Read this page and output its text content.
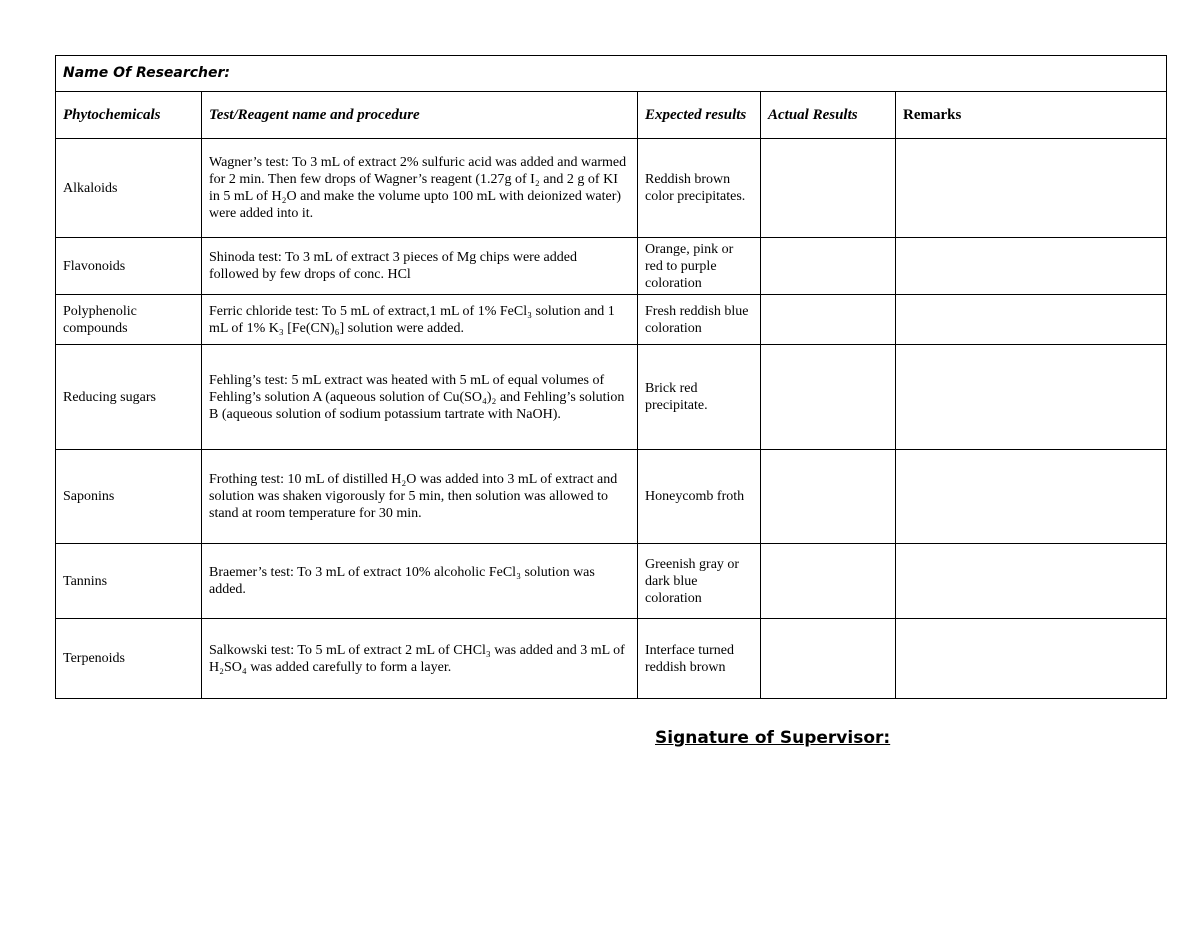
Name Of Researcher:				
Phytochemicals	Test/Reagent name and procedure	Expected results	Actual Results	Remarks
Alkaloids	Wagner’s test: To 3 mL of extract 2% sulfuric acid was added and warmed for 2 min. Then few drops of Wagner’s reagent (1.27g of I₂ and 2 g of KI in 5 mL of H₂O and make the volume upto 100 mL with deionized water) were added into it.	Reddish brown color precipitates.		
Flavonoids	Shinoda test: To 3 mL of extract 3 pieces of Mg chips were added followed by few drops of conc. HCl	Orange, pink or red to purple coloration		
Polyphenolic compounds	Ferric chloride test: To 5 mL of extract,1 mL of 1% FeCl₃ solution and 1 mL of 1% K₃ [Fe(CN)₆] solution were added.	Fresh reddish blue coloration		
Reducing sugars	Fehling’s test: 5 mL extract was heated with 5 mL of equal volumes of Fehling’s solution A (aqueous solution of Cu(SO₄)₂ and Fehling’s solution B (aqueous solution of sodium potassium tartrate with NaOH).	Brick red precipitate.		
Saponins	Frothing test: 10 mL of distilled H₂O was added into 3 mL of extract and solution was shaken vigorously for 5 min, then solution was allowed to stand at room temperature for 30 min.	Honeycomb froth		
Tannins	Braemer’s test: To 3 mL of extract 10% alcoholic FeCl₃ solution was added.	Greenish gray or dark blue coloration		
Terpenoids	Salkowski test: To 5 mL of extract 2 mL of CHCl₃ was added and 3 mL of H₂SO₄ was added carefully to form a layer.	Interface turned reddish brown		
Signature of Supervisor:
